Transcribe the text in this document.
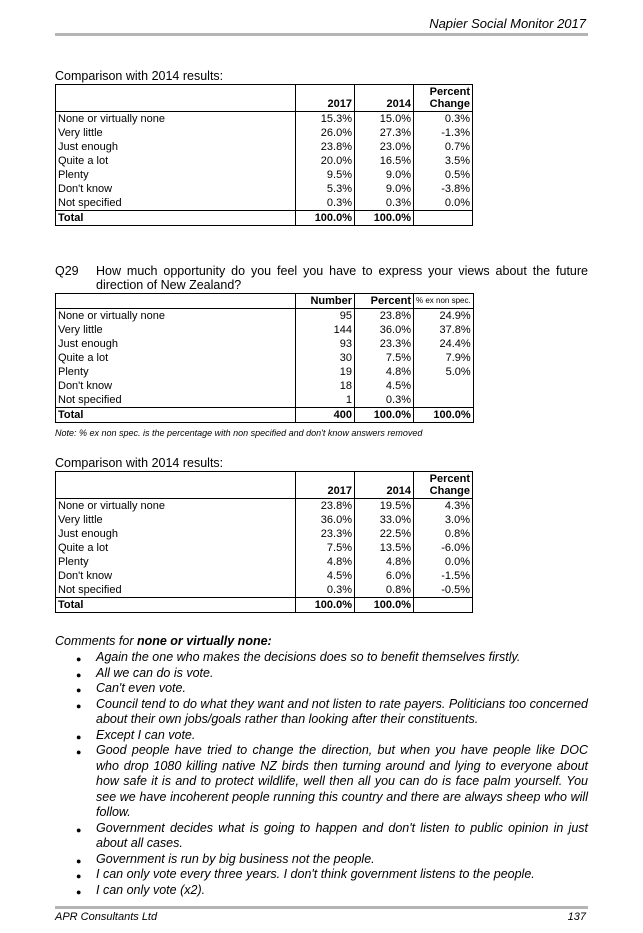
Napier Social Monitor 2017
Comparison with 2014 results:
	2017	2014	Percent
Change
None or virtually none	15.3%	15.0%	0.3%
Very little	26.0%	27.3%	-1.3%
Just enough	23.8%	23.0%	0.7%
Quite a lot	20.0%	16.5%	3.5%
Plenty	9.5%	9.0%	0.5%
Don't know	5.3%	9.0%	-3.8%
Not specified	0.3%	0.3%	0.0%
Total	100.0%	100.0%	
Q29 How much opportunity do you feel you have to express your views about the future direction of New Zealand?
	Number	Percent	% ex non spec.
None or virtually none	95	23.8%	24.9%
Very little	144	36.0%	37.8%
Just enough	93	23.3%	24.4%
Quite a lot	30	7.5%	7.9%
Plenty	19	4.8%	5.0%
Don't know	18	4.5%	
Not specified	1	0.3%	
Total	400	100.0%	100.0%
Note: % ex non spec. is the percentage with non specified and don't know answers removed
Comparison with 2014 results:
	2017	2014	Percent
Change
None or virtually none	23.8%	19.5%	4.3%
Very little	36.0%	33.0%	3.0%
Just enough	23.3%	22.5%	0.8%
Quite a lot	7.5%	13.5%	-6.0%
Plenty	4.8%	4.8%	0.0%
Don't know	4.5%	6.0%	-1.5%
Not specified	0.3%	0.8%	-0.5%
Total	100.0%	100.0%	
Comments for none or virtually none:
● Again the one who makes the decisions does so to benefit themselves firstly.
● All we can do is vote.
● Can't even vote.
● Council tend to do what they want and not listen to rate payers. Politicians too concerned about their own jobs/goals rather than looking after their constituents.
● Except I can vote.
● Good people have tried to change the direction, but when you have people like DOC who drop 1080 killing native NZ birds then turning around and lying to everyone about how safe it is and to protect wildlife, well then all you can do is face palm yourself. You see we have incoherent people running this country and there are always sheep who will follow.
● Government decides what is going to happen and don't listen to public opinion in just about all cases.
● Government is run by big business not the people.
● I can only vote every three years. I don't think government listens to the people.
● I can only vote (x2).
APR Consultants Ltd	137
